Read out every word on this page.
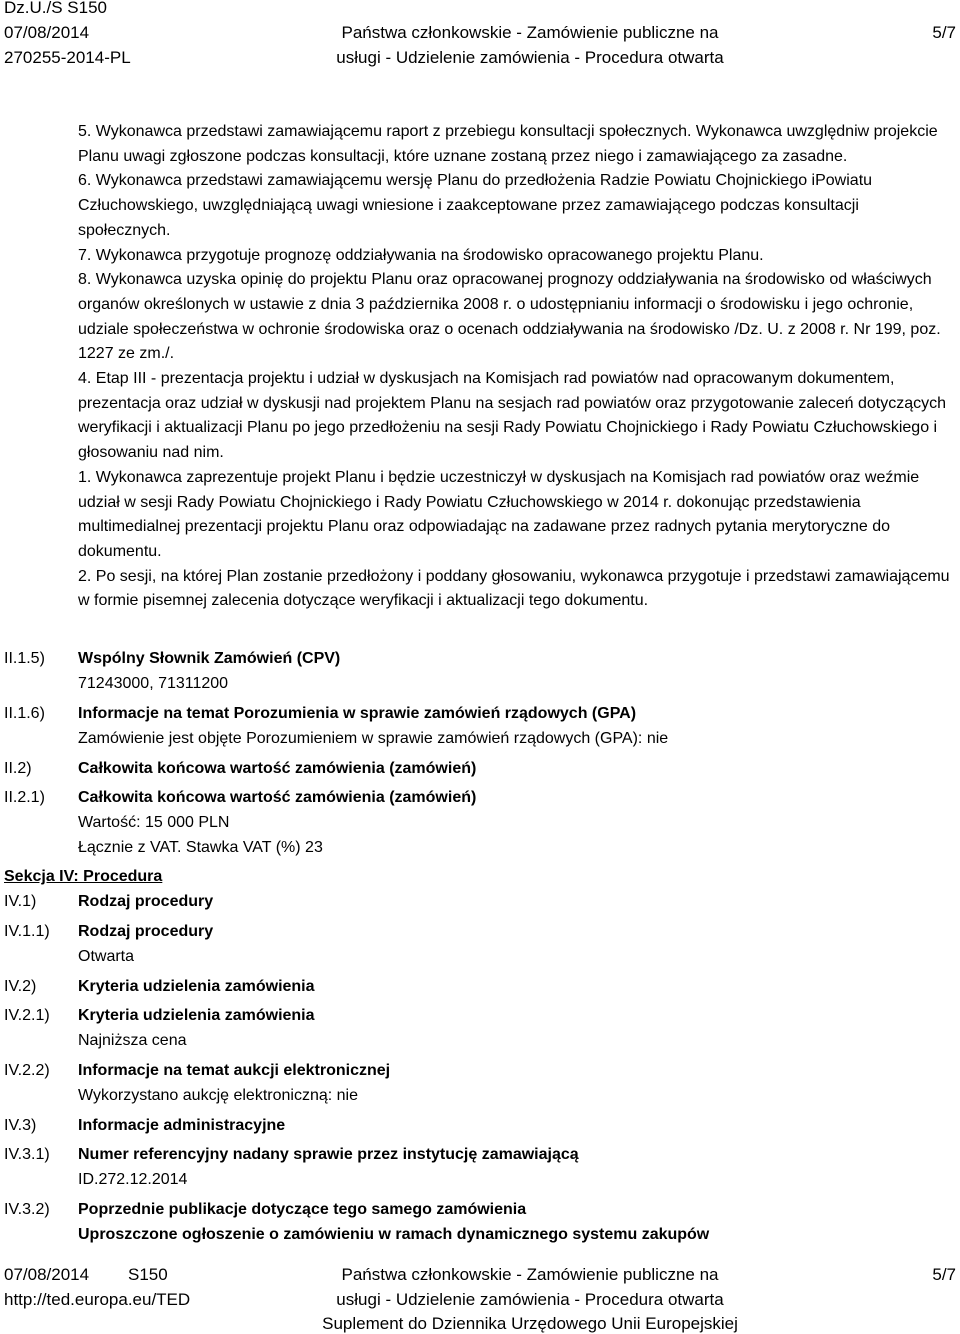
Dz.U./S S150
07/08/2014
270255-2014-PL
Państwa członkowskie - Zamówienie publiczne na
usługi - Udzielenie zamówienia - Procedura otwarta
5/7

5. Wykonawca przedstawi zamawiającemu raport z przebiegu konsultacji społecznych. Wykonawca uwzględniw projekcie Planu uwagi zgłoszone podczas konsultacji, które uznane zostaną przez niego i zamawiającego za zasadne.

6. Wykonawca przedstawi zamawiającemu wersję Planu do przedłożenia Radzie Powiatu Chojnickiego iPowiatu Człuchowskiego, uwzględniającą uwagi wniesione i zaakceptowane przez zamawiającego podczas konsultacji społecznych.

7. Wykonawca przygotuje prognozę oddziaływania na środowisko opracowanego projektu Planu.

8. Wykonawca uzyska opinię do projektu Planu oraz opracowanej prognozy oddziaływania na środowisko od właściwych organów określonych w ustawie z dnia 3 października 2008 r. o udostępnianiu informacji o środowisku i jego ochronie, udziale społeczeństwa w ochronie środowiska oraz o ocenach oddziaływania na środowisko /Dz. U. z 2008 r. Nr 199, poz. 1227 ze zm./.

4. Etap III - prezentacja projektu i udział w dyskusjach na Komisjach rad powiatów nad opracowanym dokumentem, prezentacja oraz udział w dyskusji nad projektem Planu na sesjach rad powiatów oraz przygotowanie zaleceń dotyczących weryfikacji i aktualizacji Planu po jego przedłożeniu na sesji Rady Powiatu Chojnickiego i Rady Powiatu Człuchowskiego i głosowaniu nad nim.

1. Wykonawca zaprezentuje projekt Planu i będzie uczestniczył w dyskusjach na Komisjach rad powiatów oraz weźmie udział w sesji Rady Powiatu Chojnickiego i Rady Powiatu Człuchowskiego w 2014 r. dokonując przedstawienia multimedialnej prezentacji projektu Planu oraz odpowiadając na zadawane przez radnych pytania merytoryczne do dokumentu.

2. Po sesji, na której Plan zostanie przedłożony i poddany głosowaniu, wykonawca przygotuje i przedstawi zamawiającemu w formie pisemnej zalecenia dotyczące weryfikacji i aktualizacji tego dokumentu.

II.1.5) Wspólny Słownik Zamówień (CPV)
71243000, 71311200
II.1.6) Informacje na temat Porozumienia w sprawie zamówień rządowych (GPA)
Zamówienie jest objęte Porozumieniem w sprawie zamówień rządowych (GPA): nie
II.2)	Całkowita końcowa wartość zamówienia (zamówień)
II.2.1) Całkowita końcowa wartość zamówienia (zamówień)
Wartość: 15 000 PLN
Łącznie z VAT. Stawka VAT (%) 23
Sekcja IV: Procedura
IV.1)	Rodzaj procedury
IV.1.1) Rodzaj procedury
Otwarta
IV.2)	Kryteria udzielenia zamówienia
IV.2.1) Kryteria udzielenia zamówienia
Najniższa cena
IV.2.2) Informacje na temat aukcji elektronicznej
Wykorzystano aukcję elektroniczną: nie
IV.3)	Informacje administracyjne
IV.3.1) Numer referencyjny nadany sprawie przez instytucję zamawiającą
ID.272.12.2014
IV.3.2) Poprzednie publikacje dotyczące tego samego zamówienia
Uproszczone ogłoszenie o zamówieniu w ramach dynamicznego systemu zakupów
07/08/2014 S150
http://ted.europa.eu/TED
Państwa członkowskie - Zamówienie publiczne na
usługi - Udzielenie zamówienia - Procedura otwarta
Suplement do Dziennika Urzędowego Unii Europejskiej
5/7
